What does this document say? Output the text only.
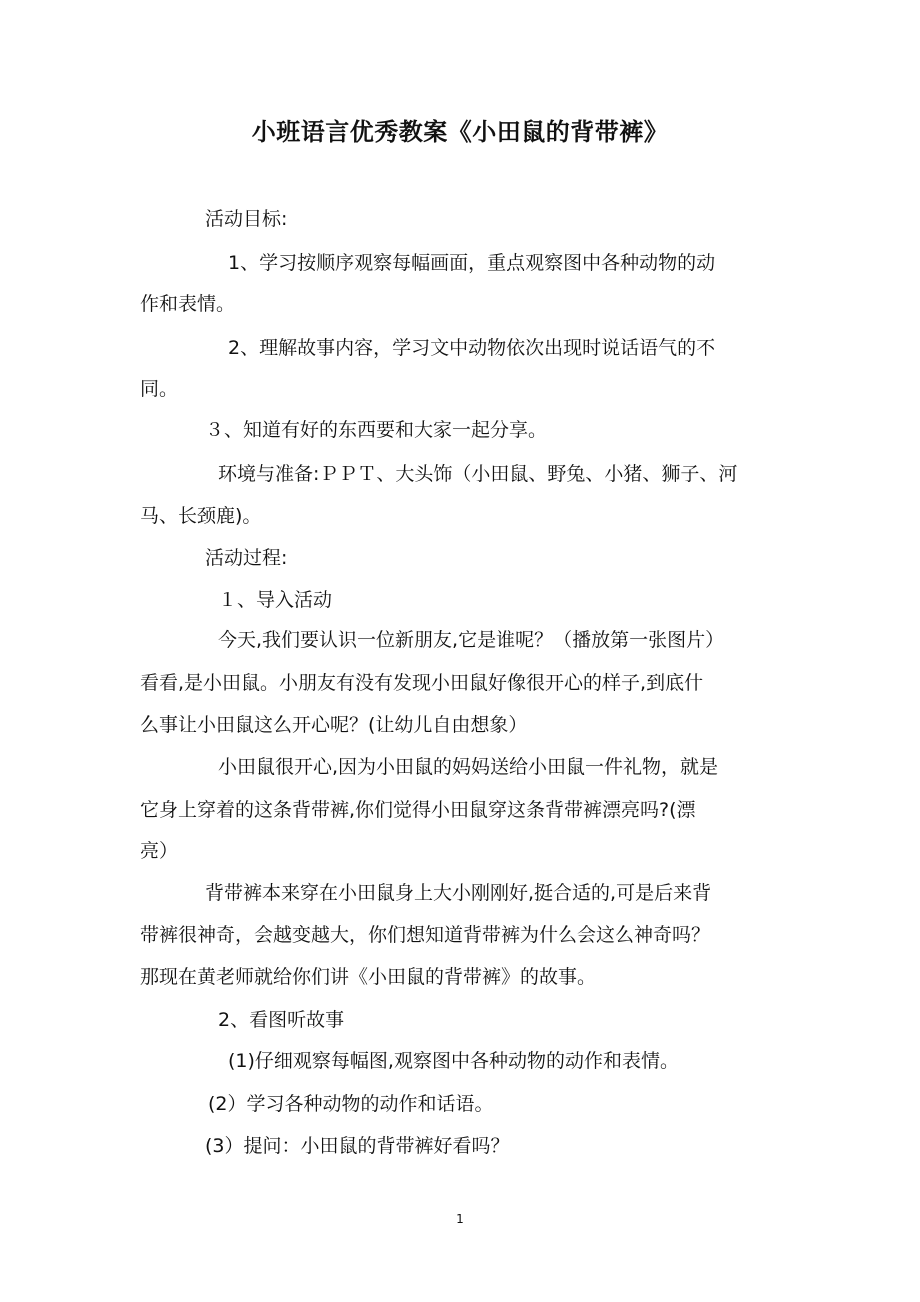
小班语言优秀教案《小田鼠的背带裤》
活动目标:
1、学习按顺序观察每幅画面，重点观察图中各种动物的动
作和表情。
2、理解故事内容，学习文中动物依次出现时说话语气的不
同。
３、知道有好的东西要和大家一起分享。
环境与准备:ＰＰＴ、大头饰（小田鼠、野兔、小猪、狮子、河
马、长颈鹿)。
活动过程:
１、导入活动
今天,我们要认识一位新朋友,它是谁呢？（播放第一张图片）
看看,是小田鼠。小朋友有没有发现小田鼠好像很开心的样子,到底什
么事让小田鼠这么开心呢？(让幼儿自由想象）
小田鼠很开心,因为小田鼠的妈妈送给小田鼠一件礼物，就是
它身上穿着的这条背带裤,你们觉得小田鼠穿这条背带裤漂亮吗?(漂
亮）
背带裤本来穿在小田鼠身上大小刚刚好,挺合适的,可是后来背
带裤很神奇，会越变越大，你们想知道背带裤为什么会这么神奇吗？
那现在黄老师就给你们讲《小田鼠的背带裤》的故事。
2、看图听故事
(1)仔细观察每幅图,观察图中各种动物的动作和表情。
(2）学习各种动物的动作和话语。
(3）提问：小田鼠的背带裤好看吗？
1
